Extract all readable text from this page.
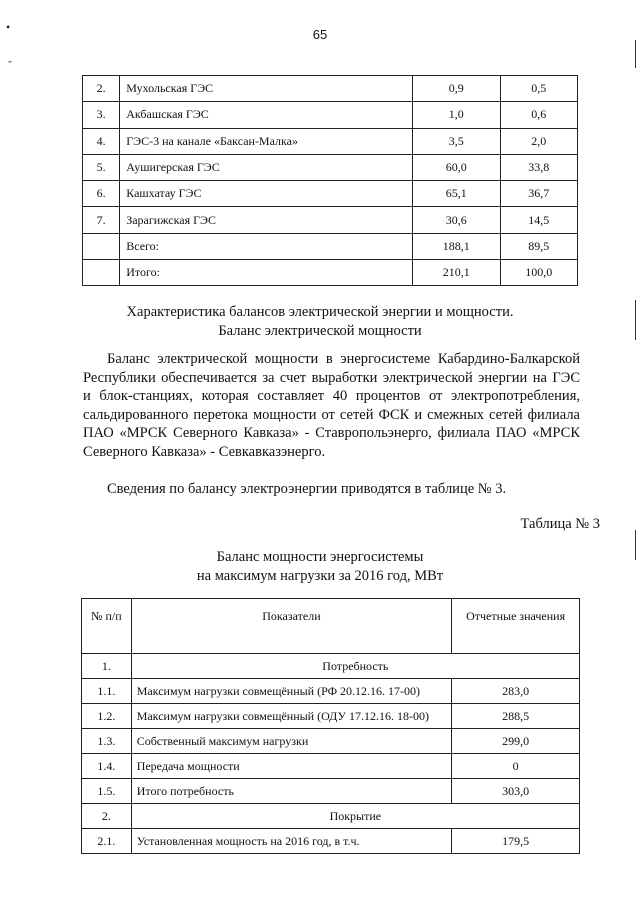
65
•
˘
2.	Мухольская ГЭС	0,9	0,5
3.	Акбашская ГЭС	1,0	0,6
4.	ГЭС-3 на канале «Баксан-Малка»	3,5	2,0
5.	Аушигерская ГЭС	60,0	33,8
6.	Кашхатау ГЭС	65,1	36,7
7.	Зарагижская ГЭС	30,6	14,5
	Всего:	188,1	89,5
	Итого:	210,1	100,0
Характеристика балансов электрической энергии и мощности.
Баланс электрической мощности
Баланс электрической мощности в энергосистеме Кабардино-Балкарской
Республики обеспечивается за счет выработки электрической энергии на ГЭС
и блок-станциях, которая составляет 40 процентов от электропотребления,
сальдированного перетока мощности от сетей ФСК и смежных сетей филиала
ПАО «МРСК Северного Кавказа» - Ставропольэнерго, филиала ПАО «МРСК
Северного Кавказа» - Севкавказэнерго.
Сведения по балансу электроэнергии приводятся в таблице № 3.
Таблица № 3
Баланс мощности энергосистемы
на максимум нагрузки за 2016 год, МВт
№ п/п	Показатели	Отчетные значения
1.	Потребность	
1.1.	Максимум нагрузки совмещённый (РФ 20.12.16. 17-00)	283,0
1.2.	Максимум нагрузки совмещённый (ОДУ 17.12.16. 18-00)	288,5
1.3.	Собственный максимум нагрузки	299,0
1.4.	Передача мощности	0
1.5.	Итого потребность	303,0
2.	Покрытие	
2.1.	Установленная мощность на 2016 год, в т.ч.	179,5
